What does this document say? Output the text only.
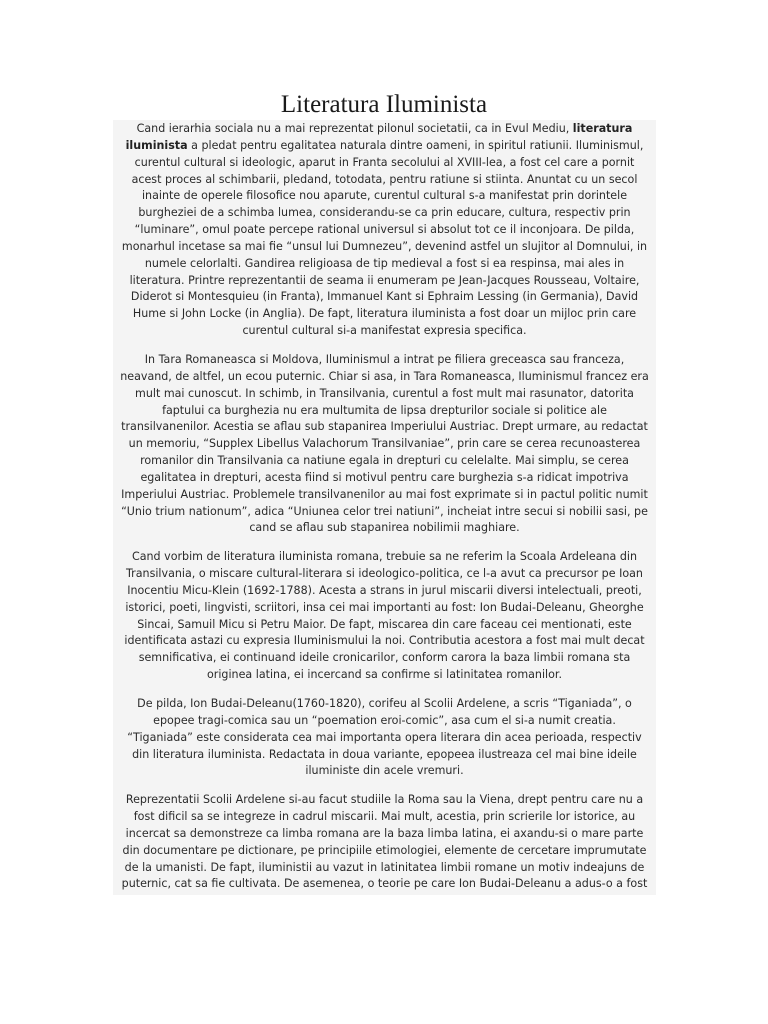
Literatura Iluminista

Cand ierarhia sociala nu a mai reprezentat pilonul societatii, ca in Evul Mediu, literatura iluminista a pledat pentru egalitatea naturala dintre oameni, in spiritul ratiunii. Iluminismul, curentul cultural si ideologic, aparut in Franta secolului al XVIII-lea, a fost cel care a pornit acest proces al schimbarii, pledand, totodata, pentru ratiune si stiinta. Anuntat cu un secol inainte de operele filosofice nou aparute, curentul cultural s-a manifestat prin dorintele burgheziei de a schimba lumea, considerandu-se ca prin educare, cultura, respectiv prin “luminare”, omul poate percepe rational universul si absolut tot ce il inconjoara. De pilda, monarhul incetase sa mai fie “unsul lui Dumnezeu”, devenind astfel un slujitor al Domnului, in numele celorlalti. Gandirea religioasa de tip medieval a fost si ea respinsa, mai ales in literatura. Printre reprezentantii de seama ii enumeram pe Jean-Jacques Rousseau, Voltaire, Diderot si Montesquieu (in Franta), Immanuel Kant si Ephraim Lessing (in Germania), David Hume si John Locke (in Anglia). De fapt, literatura iluminista a fost doar un mijloc prin care curentul cultural si-a manifestat expresia specifica.

In Tara Romaneasca si Moldova, Iluminismul a intrat pe filiera greceasca sau franceza, neavand, de altfel, un ecou puternic. Chiar si asa, in Tara Romaneasca, Iluminismul francez era mult mai cunoscut. In schimb, in Transilvania, curentul a fost mult mai rasunator, datorita faptului ca burghezia nu era multumita de lipsa drepturilor sociale si politice ale transilvanenilor. Acestia se aflau sub stapanirea Imperiului Austriac. Drept urmare, au redactat un memoriu, “Supplex Libellus Valachorum Transilvaniae”, prin care se cerea recunoasterea romanilor din Transilvania ca natiune egala in drepturi cu celelalte. Mai simplu, se cerea egalitatea in drepturi, acesta fiind si motivul pentru care burghezia s-a ridicat impotriva Imperiului Austriac. Problemele transilvanenilor au mai fost exprimate si in pactul politic numit “Unio trium nationum”, adica “Uniunea celor trei natiuni”, incheiat intre secui si nobilii sasi, pe cand se aflau sub stapanirea nobilimii maghiare.

Cand vorbim de literatura iluminista romana, trebuie sa ne referim la Scoala Ardeleana din Transilvania, o miscare cultural-literara si ideologico-politica, ce l-a avut ca precursor pe Ioan Inocentiu Micu-Klein (1692-1788). Acesta a strans in jurul miscarii diversi intelectuali, preoti, istorici, poeti, lingvisti, scriitori, insa cei mai importanti au fost: Ion Budai-Deleanu, Gheorghe Sincai, Samuil Micu si Petru Maior. De fapt, miscarea din care faceau cei mentionati, este identificata astazi cu expresia Iluminismului la noi. Contributia acestora a fost mai mult decat semnificativa, ei continuand ideile cronicarilor, conform carora la baza limbii romana sta originea latina, ei incercand sa confirme si latinitatea romanilor.

De pilda, Ion Budai-Deleanu(1760-1820), corifeu al Scolii Ardelene, a scris “Tiganiada”, o epopee tragi-comica sau un “poemation eroi-comic”, asa cum el si-a numit creatia. “Tiganiada” este considerata cea mai importanta opera literara din acea perioada, respectiv din literatura iluminista. Redactata in doua variante, epopeea ilustreaza cel mai bine ideile iluministe din acele vremuri.

Reprezentatii Scolii Ardelene si-au facut studiile la Roma sau la Viena, drept pentru care nu a fost dificil sa se integreze in cadrul miscarii. Mai mult, acestia, prin scrierile lor istorice, au incercat sa demonstreze ca limba romana are la baza limba latina, ei axandu-si o mare parte din documentare pe dictionare, pe principiile etimologiei, elemente de cercetare imprumutate de la umanisti. De fapt, iluministii au vazut in latinitatea limbii romane un motiv indeajuns de puternic, cat sa fie cultivata. De asemenea, o teorie pe care Ion Budai-Deleanu a adus-o a fost
